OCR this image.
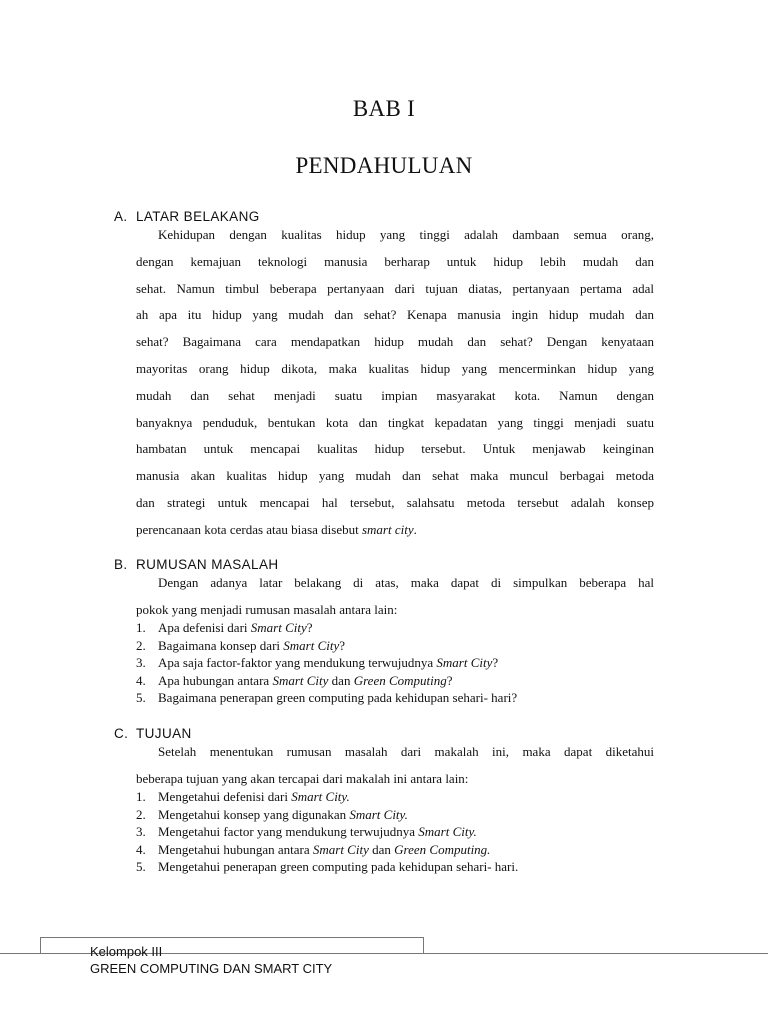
BAB I
PENDAHULUAN
A. LATAR BELAKANG
Kehidupan dengan kualitas hidup yang tinggi adalah dambaan semua orang,
dengan kemajuan teknologi manusia berharap untuk hidup lebih mudah dan
sehat. Namun timbul beberapa pertanyaan dari tujuan diatas, pertanyaan pertama adal
ah apa itu hidup yang mudah dan sehat? Kenapa manusia ingin hidup mudah dan
sehat? Bagaimana cara mendapatkan hidup mudah dan sehat? Dengan kenyataan
mayoritas orang hidup dikota, maka kualitas hidup yang mencerminkan hidup yang
mudah dan sehat menjadi suatu impian masyarakat kota. Namun dengan
banyaknya penduduk, bentukan kota dan tingkat kepadatan yang tinggi menjadi suatu
hambatan untuk mencapai kualitas hidup tersebut. Untuk menjawab keinginan
manusia akan kualitas hidup yang mudah dan sehat maka muncul berbagai metoda
dan strategi untuk mencapai hal tersebut, salahsatu metoda tersebut adalah konsep
perencanaan kota cerdas atau biasa disebut smart city.
B. RUMUSAN MASALAH
Dengan adanya latar belakang di atas, maka dapat di simpulkan beberapa hal
pokok yang menjadi rumusan masalah antara lain:
1. Apa defenisi dari Smart City?
2. Bagaimana konsep dari Smart City?
3. Apa saja factor-faktor yang mendukung terwujudnya Smart City?
4. Apa hubungan antara Smart City dan Green Computing?
5. Bagaimana penerapan green computing pada kehidupan sehari- hari?
C. TUJUAN
Setelah menentukan rumusan masalah dari makalah ini, maka dapat diketahui
beberapa tujuan yang akan tercapai dari makalah ini antara lain:
1. Mengetahui defenisi dari Smart City.
2. Mengetahui konsep yang digunakan Smart City.
3. Mengetahui factor yang mendukung terwujudnya Smart City.
4. Mengetahui hubungan antara Smart City dan Green Computing.
5. Mengetahui penerapan green computing pada kehidupan sehari- hari.
Kelompok III
GREEN COMPUTING DAN SMART CITY
